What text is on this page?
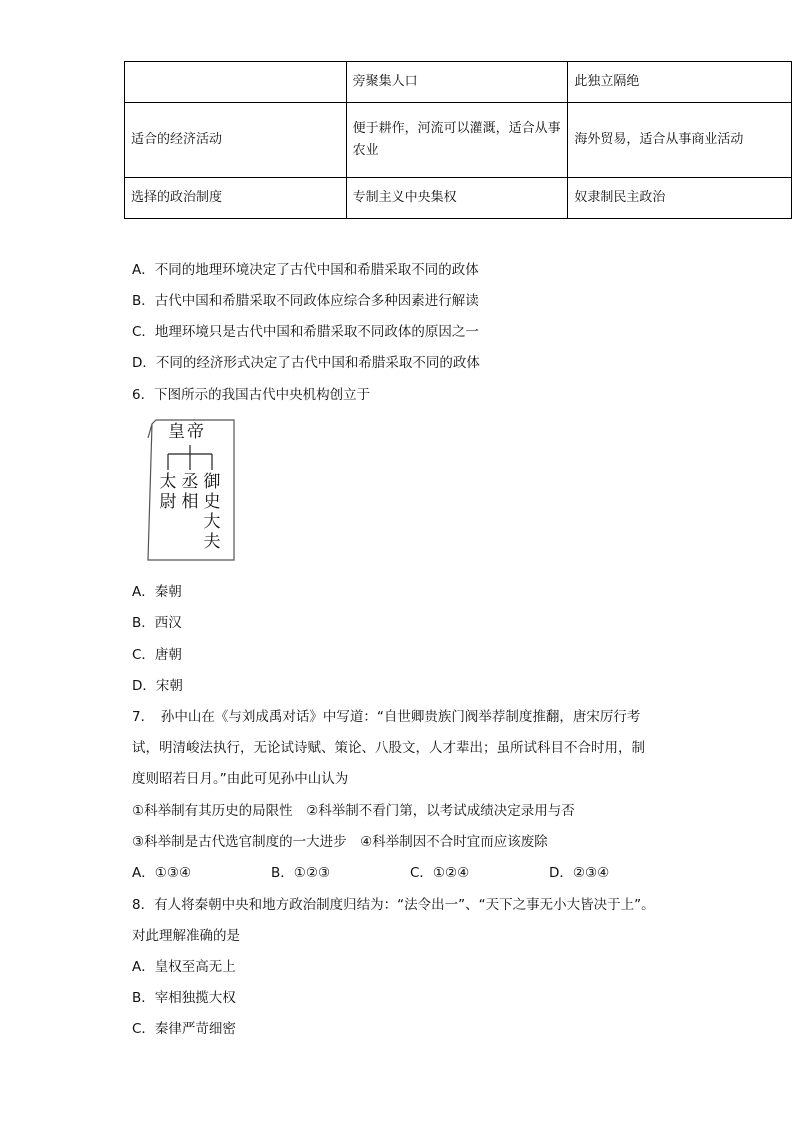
	旁聚集人口	此独立隔绝
适合的经济活动	便于耕作，河流可以灌溉，适合从事农业	海外贸易，适合从事商业活动
选择的政治制度	专制主义中央集权	奴隶制民主政治
A．不同的地理环境决定了古代中国和希腊采取不同的政体
B．古代中国和希腊采取不同政体应综合多种因素进行解读
C．地理环境只是古代中国和希腊采取不同政体的原因之一
D．不同的经济形式决定了古代中国和希腊采取不同的政体
6．下图所示的我国古代中央机构创立于
皇帝
太尉
丞相
御史大夫
A．秦朝
B．西汉
C．唐朝
D．宋朝
7．　孙中山在《与刘成禹对话》中写道：“自世卿贵族门阀举荐制度推翻，唐宋厉行考
试，明清峻法执行，无论试诗赋、策论、八股文，人才辈出；虽所试科目不合时用，制
度则昭若日月。”由此可见孙中山认为
①科举制有其历史的局限性　②科举制不看门第，以考试成绩决定录用与否
③科举制是古代选官制度的一大进步　④科举制因不合时宜而应该废除
A．①③④	B．①②③	C．①②④	D．②③④
8．有人将秦朝中央和地方政治制度归结为：“法令出一”、“天下之事无小大皆决于上”。
对此理解准确的是
A．皇权至高无上
B．宰相独揽大权
C．秦律严苛细密
